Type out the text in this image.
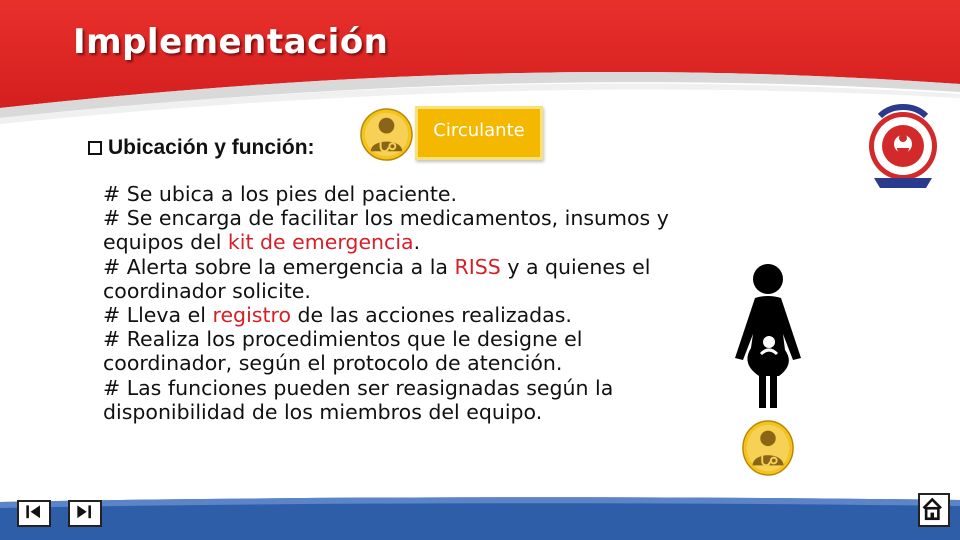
Implementación
Ubicación y función:
Circulante

# Se ubica a los pies del paciente.

# Se encarga de facilitar los medicamentos, insumos y

equipos del kit de emergencia.

# Alerta sobre la emergencia a la RISS y a quienes el

coordinador solicite.

# Lleva el registro de las acciones realizadas.

# Realiza los procedimientos que le designe el

coordinador, según el protocolo de atención.

# Las funciones pueden ser reasignadas según la

disponibilidad de los miembros del equipo.
